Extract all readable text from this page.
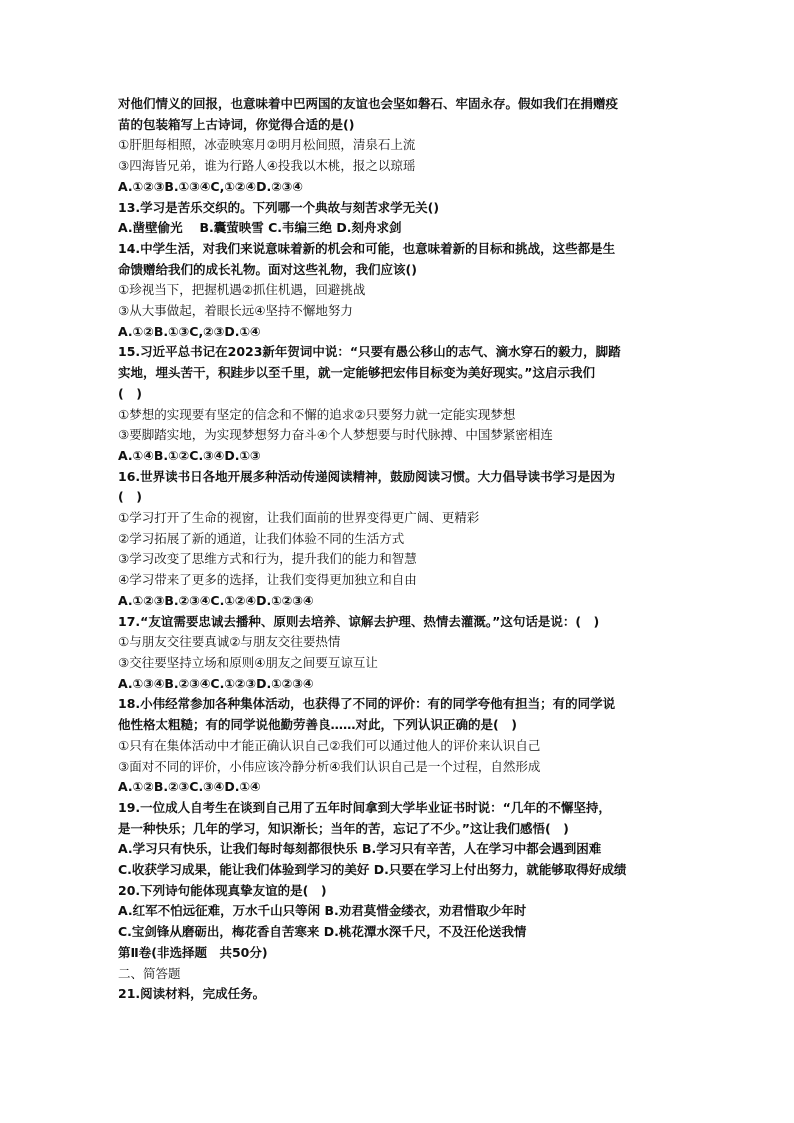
对他们情义的回报，也意味着中巴两国的友谊也会坚如磐石、牢固永存。假如我们在捐赠疫
苗的包装箱写上古诗词，你觉得合适的是()
①肝胆每相照，冰壶映寒月②明月松间照，清泉石上流
③四海皆兄弟，谁为行路人④投我以木桃，报之以琼瑶
A.①②③B.①③④C,①②④D.②③④
13.学习是苦乐交织的。下列哪一个典故与刻苦求学无关()
A.凿壁偷光　 B.囊萤映雪 C.韦编三绝 D.刻舟求剑
14.中学生活，对我们来说意味着新的机会和可能，也意味着新的目标和挑战，这些都是生
命馈赠给我们的成长礼物。面对这些礼物，我们应该()
①珍视当下，把握机遇②抓住机遇，回避挑战
③从大事做起，着眼长远④坚持不懈地努力
A.①②B.①③C,②③D.①④
15.习近平总书记在2023新年贺词中说：“只要有愚公移山的志气、滴水穿石的毅力，脚踏
实地，埋头苦干，积跬步以至千里，就一定能够把宏伟目标变为美好现实。”这启示我们
(　)
①梦想的实现要有坚定的信念和不懈的追求②只要努力就一定能实现梦想
③要脚踏实地，为实现梦想努力奋斗④个人梦想要与时代脉搏、中国梦紧密相连
A.①④B.①②C.③④D.①③
16.世界读书日各地开展多种活动传递阅读精神，鼓励阅读习惯。大力倡导读书学习是因为
(　)
①学习打开了生命的视窗，让我们面前的世界变得更广阔、更精彩
②学习拓展了新的通道，让我们体验不同的生活方式
③学习改变了思维方式和行为，提升我们的能力和智慧
④学习带来了更多的选择，让我们变得更加独立和自由
A.①②③B.②③④C.①②④D.①②③④
17.“友谊需要忠诚去播种、原则去培养、谅解去护理、热情去灌溉。”这句话是说：(　)
①与朋友交往要真诚②与朋友交往要热情
③交往要坚持立场和原则④朋友之间要互谅互让
A.①③④B.②③④C.①②③D.①②③④
18.小伟经常参加各种集体活动，也获得了不同的评价：有的同学夸他有担当；有的同学说
他性格太粗糙；有的同学说他勤劳善良……对此，下列认识正确的是(　)
①只有在集体活动中才能正确认识自己②我们可以通过他人的评价来认识自己
③面对不同的评价，小伟应该冷静分析④我们认识自己是一个过程，自然形成
A.①②B.②③C.③④D.①④
19.一位成人自考生在谈到自己用了五年时间拿到大学毕业证书时说：“几年的不懈坚持，
是一种快乐；几年的学习，知识渐长；当年的苦，忘记了不少。”这让我们感悟(　)
A.学习只有快乐，让我们每时每刻都很快乐 B.学习只有辛苦，人在学习中都会遇到困难
C.收获学习成果，能让我们体验到学习的美好 D.只要在学习上付出努力，就能够取得好成绩
20.下列诗句能体现真挚友谊的是(　)
A.红军不怕远征难，万水千山只等闲 B.劝君莫惜金缕衣，劝君惜取少年时
C.宝剑锋从磨砺出，梅花香自苦寒来 D.桃花潭水深千尺，不及汪伦送我情
第Ⅱ卷(非选择题　共50分)
二、简答题
21.阅读材料，完成任务。
